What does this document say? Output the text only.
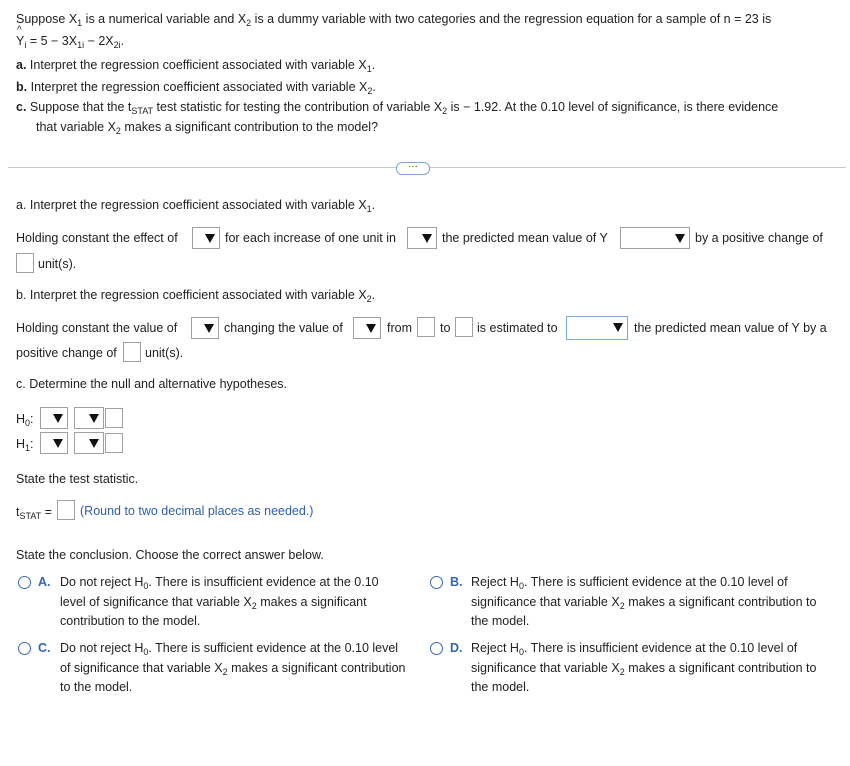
Suppose $X_1$ is a numerical variable and $X_2$ is a dummy variable with two categories and the regression equation for a sample of n = 23 is
Y
^
$_i = 5 - 3X_{1i} - 2X_{2i}$.
a. Interpret the regression coefficient associated with variable $X_1$.
b. Interpret the regression coefficient associated with variable $X_2$.
c. Suppose that the $t_{STAT}$ test statistic for testing the contribution of variable $X_2$ is − 1.92. At the 0.10 level of significance, is there evidence
that variable $X_2$ makes a significant contribution to the model?
···
a. Interpret the regression coefficient associated with variable $X_1$.
Holding constant the effect of	for each increase of one unit in	the predicted mean value of Y	by a positive change of
unit(s).
b. Interpret the regression coefficient associated with variable $X_2$.
Holding constant the value of	changing the value of	from to is estimated to	the predicted mean value of Y by a
positive change of unit(s).
c. Determine the null and alternative hypotheses.
$H_0$:
$H_1$:
State the test statistic.
$t_{STAT}$ = (Round to two decimal places as needed.)
State the conclusion. Choose the correct answer below.
A. Do not reject $H_0$. There is insufficient evidence at the 0.10
level of significance that variable $X_2$ makes a significant
contribution to the model.
B. Reject $H_0$. There is sufficient evidence at the 0.10 level of
significance that variable $X_2$ makes a significant contribution to
the model.
C. Do not reject $H_0$. There is sufficient evidence at the 0.10 level
of significance that variable $X_2$ makes a significant contribution
to the model.
D. Reject $H_0$. There is insufficient evidence at the 0.10 level of
significance that variable $X_2$ makes a significant contribution to
the model.
